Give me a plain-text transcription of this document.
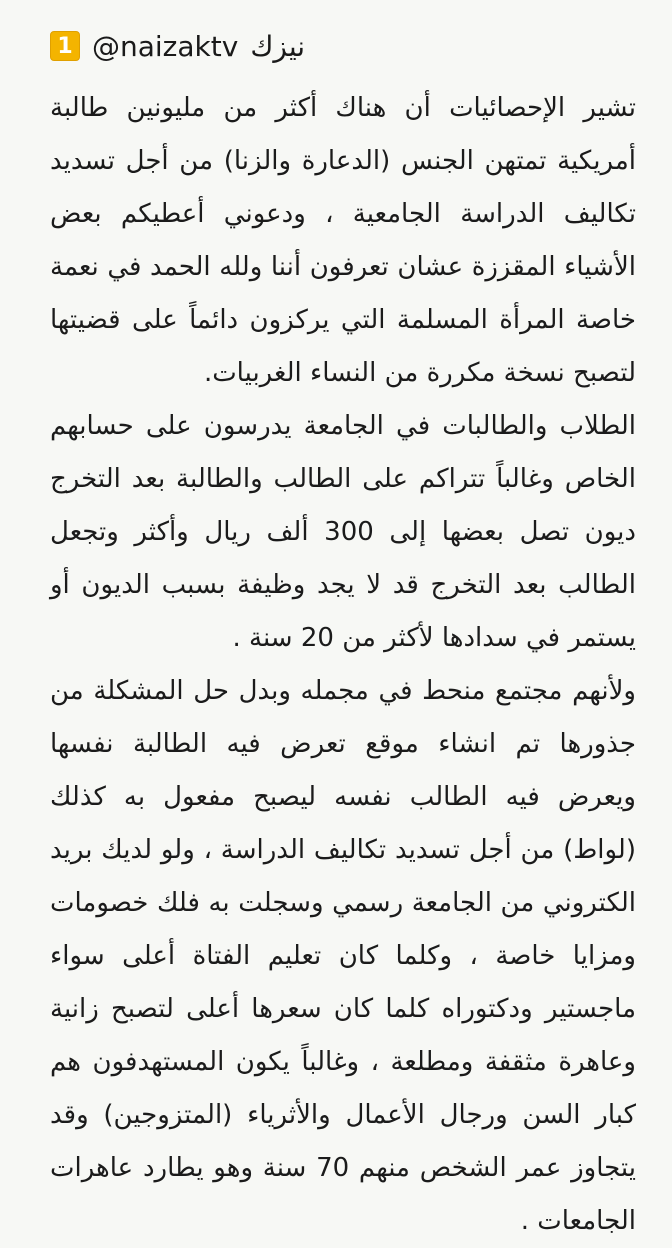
1 @naizaktv نيزك

تشير الإحصائيات أن هناك أكثر من مليونين طالبة أمريكية تمتهن الجنس (الدعارة والزنا) من أجل تسديد تكاليف الدراسة الجامعية ، ودعوني أعطيكم بعض الأشياء المقززة عشان تعرفون أننا ولله الحمد في نعمة خاصة المرأة المسلمة التي يركزون دائماً على قضيتها لتصبح نسخة مكررة من النساء الغربيات.

الطلاب والطالبات في الجامعة يدرسون على حسابهم الخاص وغالباً تتراكم على الطالب والطالبة بعد التخرج ديون تصل بعضها إلى 300 ألف ريال وأكثر وتجعل الطالب بعد التخرج قد لا يجد وظيفة بسبب الديون أو يستمر في سدادها لأكثر من 20 سنة .

ولأنهم مجتمع منحط في مجمله وبدل حل المشكلة من جذورها تم انشاء موقع تعرض فيه الطالبة نفسها ويعرض فيه الطالب نفسه ليصبح مفعول به كذلك (لواط) من أجل تسديد تكاليف الدراسة ، ولو لديك بريد الكتروني من الجامعة رسمي وسجلت به فلك خصومات ومزايا خاصة ، وكلما كان تعليم الفتاة أعلى سواء ماجستير ودكتوراه كلما كان سعرها أعلى لتصبح زانية وعاهرة مثقفة ومطلعة ، وغالباً يكون المستهدفون هم كبار السن ورجال الأعمال والأثرياء (المتزوجين) وقد يتجاوز عمر الشخص منهم 70 سنة وهو يطارد عاهرات الجامعات .
